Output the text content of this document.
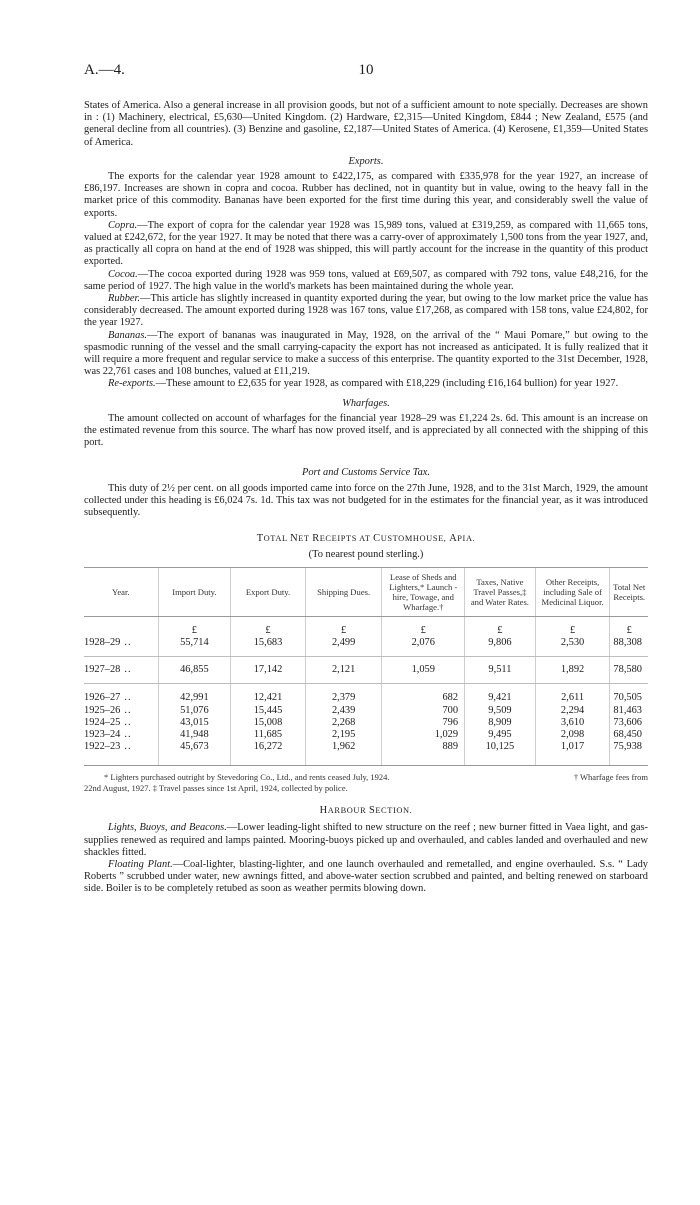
A.—4.	10

States of America. Also a general increase in all provision goods, but not of a sufficient amount to note specially. Decreases are shown in : (1) Machinery, electrical, £5,630—United Kingdom. (2) Hardware, £2,315—United Kingdom, £844 ; New Zealand, £575 (and general decline from all countries). (3) Benzine and gasoline, £2,187—United States of America. (4) Kerosene, £1,359—United States of America.

Exports.

The exports for the calendar year 1928 amount to £422,175, as compared with £335,978 for the year 1927, an increase of £86,197. Increases are shown in copra and cocoa. Rubber has declined, not in quantity but in value, owing to the heavy fall in the market price of this commodity. Bananas have been exported for the first time during this year, and considerably swell the value of exports.

Copra.—The export of copra for the calendar year 1928 was 15,989 tons, valued at £319,259, as compared with 11,665 tons, valued at £242,672, for the year 1927. It may be noted that there was a carry-over of approximately 1,500 tons from the year 1927, and, as practically all copra on hand at the end of 1928 was shipped, this will partly account for the increase in the quantity of this product exported.

Cocoa.—The cocoa exported during 1928 was 959 tons, valued at £69,507, as compared with 792 tons, value £48,216, for the same period of 1927. The high value in the world's markets has been maintained during the whole year.

Rubber.—This article has slightly increased in quantity exported during the year, but owing to the low market price the value has considerably decreased. The amount exported during 1928 was 167 tons, value £17,268, as compared with 158 tons, value £24,802, for the year 1927.

Bananas.—The export of bananas was inaugurated in May, 1928, on the arrival of the “ Maui Pomare,” but owing to the spasmodic running of the vessel and the small carrying-capacity the export has not increased as anticipated. It is fully realized that it will require a more frequent and regular service to make a success of this enterprise. The quantity exported to the 31st December, 1928, was 22,761 cases and 108 bunches, valued at £11,219.

Re-exports.—These amount to £2,635 for year 1928, as compared with £18,229 (including £16,164 bullion) for year 1927.

Wharfages.

The amount collected on account of wharfages for the financial year 1928–29 was £1,224 2s. 6d. This amount is an increase on the estimated revenue from this source. The wharf has now proved itself, and is appreciated by all connected with the shipping of this port.

Port and Customs Service Tax.

This duty of 2½ per cent. on all goods imported came into force on the 27th June, 1928, and to the 31st March, 1929, the amount collected under this heading is £6,024 7s. 1d. This tax was not budgeted for in the estimates for the financial year, as it was introduced subsequently.

TOTAL NET RECEIPTS AT CUSTOMHOUSE, APIA.
(To nearest pound sterling.)
Year.	Import Duty.	Export Duty.	Shipping Dues.	Lease of Sheds and Lighters,* Launch - hire, Towage, and Wharfage.†	Taxes, Native Travel Passes,‡ and Water Rates.	Other Receipts, including Sale of Medicinal Liquor.	Total Net Receipts.
	£	£	£	£	£	£	£
1928–29 ..	55,714	15,683	2,499	2,076	9,806	2,530	88,308
1927–28 ..	46,855	17,142	2,121	1,059	9,511	1,892	78,580
1926–27 ..	42,991	12,421	2,379	682	9,421	2,611	70,505
1925–26 ..	51,076	15,445	2,439	700	9,509	2,294	81,463
1924–25 ..	43,015	15,008	2,268	796	8,909	3,610	73,606
1923–24 ..	41,948	11,685	2,195	1,029	9,495	2,098	68,450
1922–23 ..	45,673	16,272	1,962	889	10,125	1,017	75,938
† Wharfage fees from
* Lighters purchased outright by Stevedoring Co., Ltd., and rents ceased July, 1924.
22nd August, 1927. ‡ Travel passes since 1st April, 1924, collected by police.
HARBOUR SECTION.

Lights, Buoys, and Beacons.—Lower leading-light shifted to new structure on the reef ; new burner fitted in Vaea light, and gas-supplies renewed as required and lamps painted. Mooring-buoys picked up and overhauled, and cables landed and overhauled and new shackles fitted.

Floating Plant.—Coal-lighter, blasting-lighter, and one launch overhauled and remetalled, and engine overhauled. S.s. “ Lady Roberts ” scrubbed under water, new awnings fitted, and above-water section scrubbed and painted, and belting renewed on starboard side. Boiler is to be completely retubed as soon as weather permits blowing down.
